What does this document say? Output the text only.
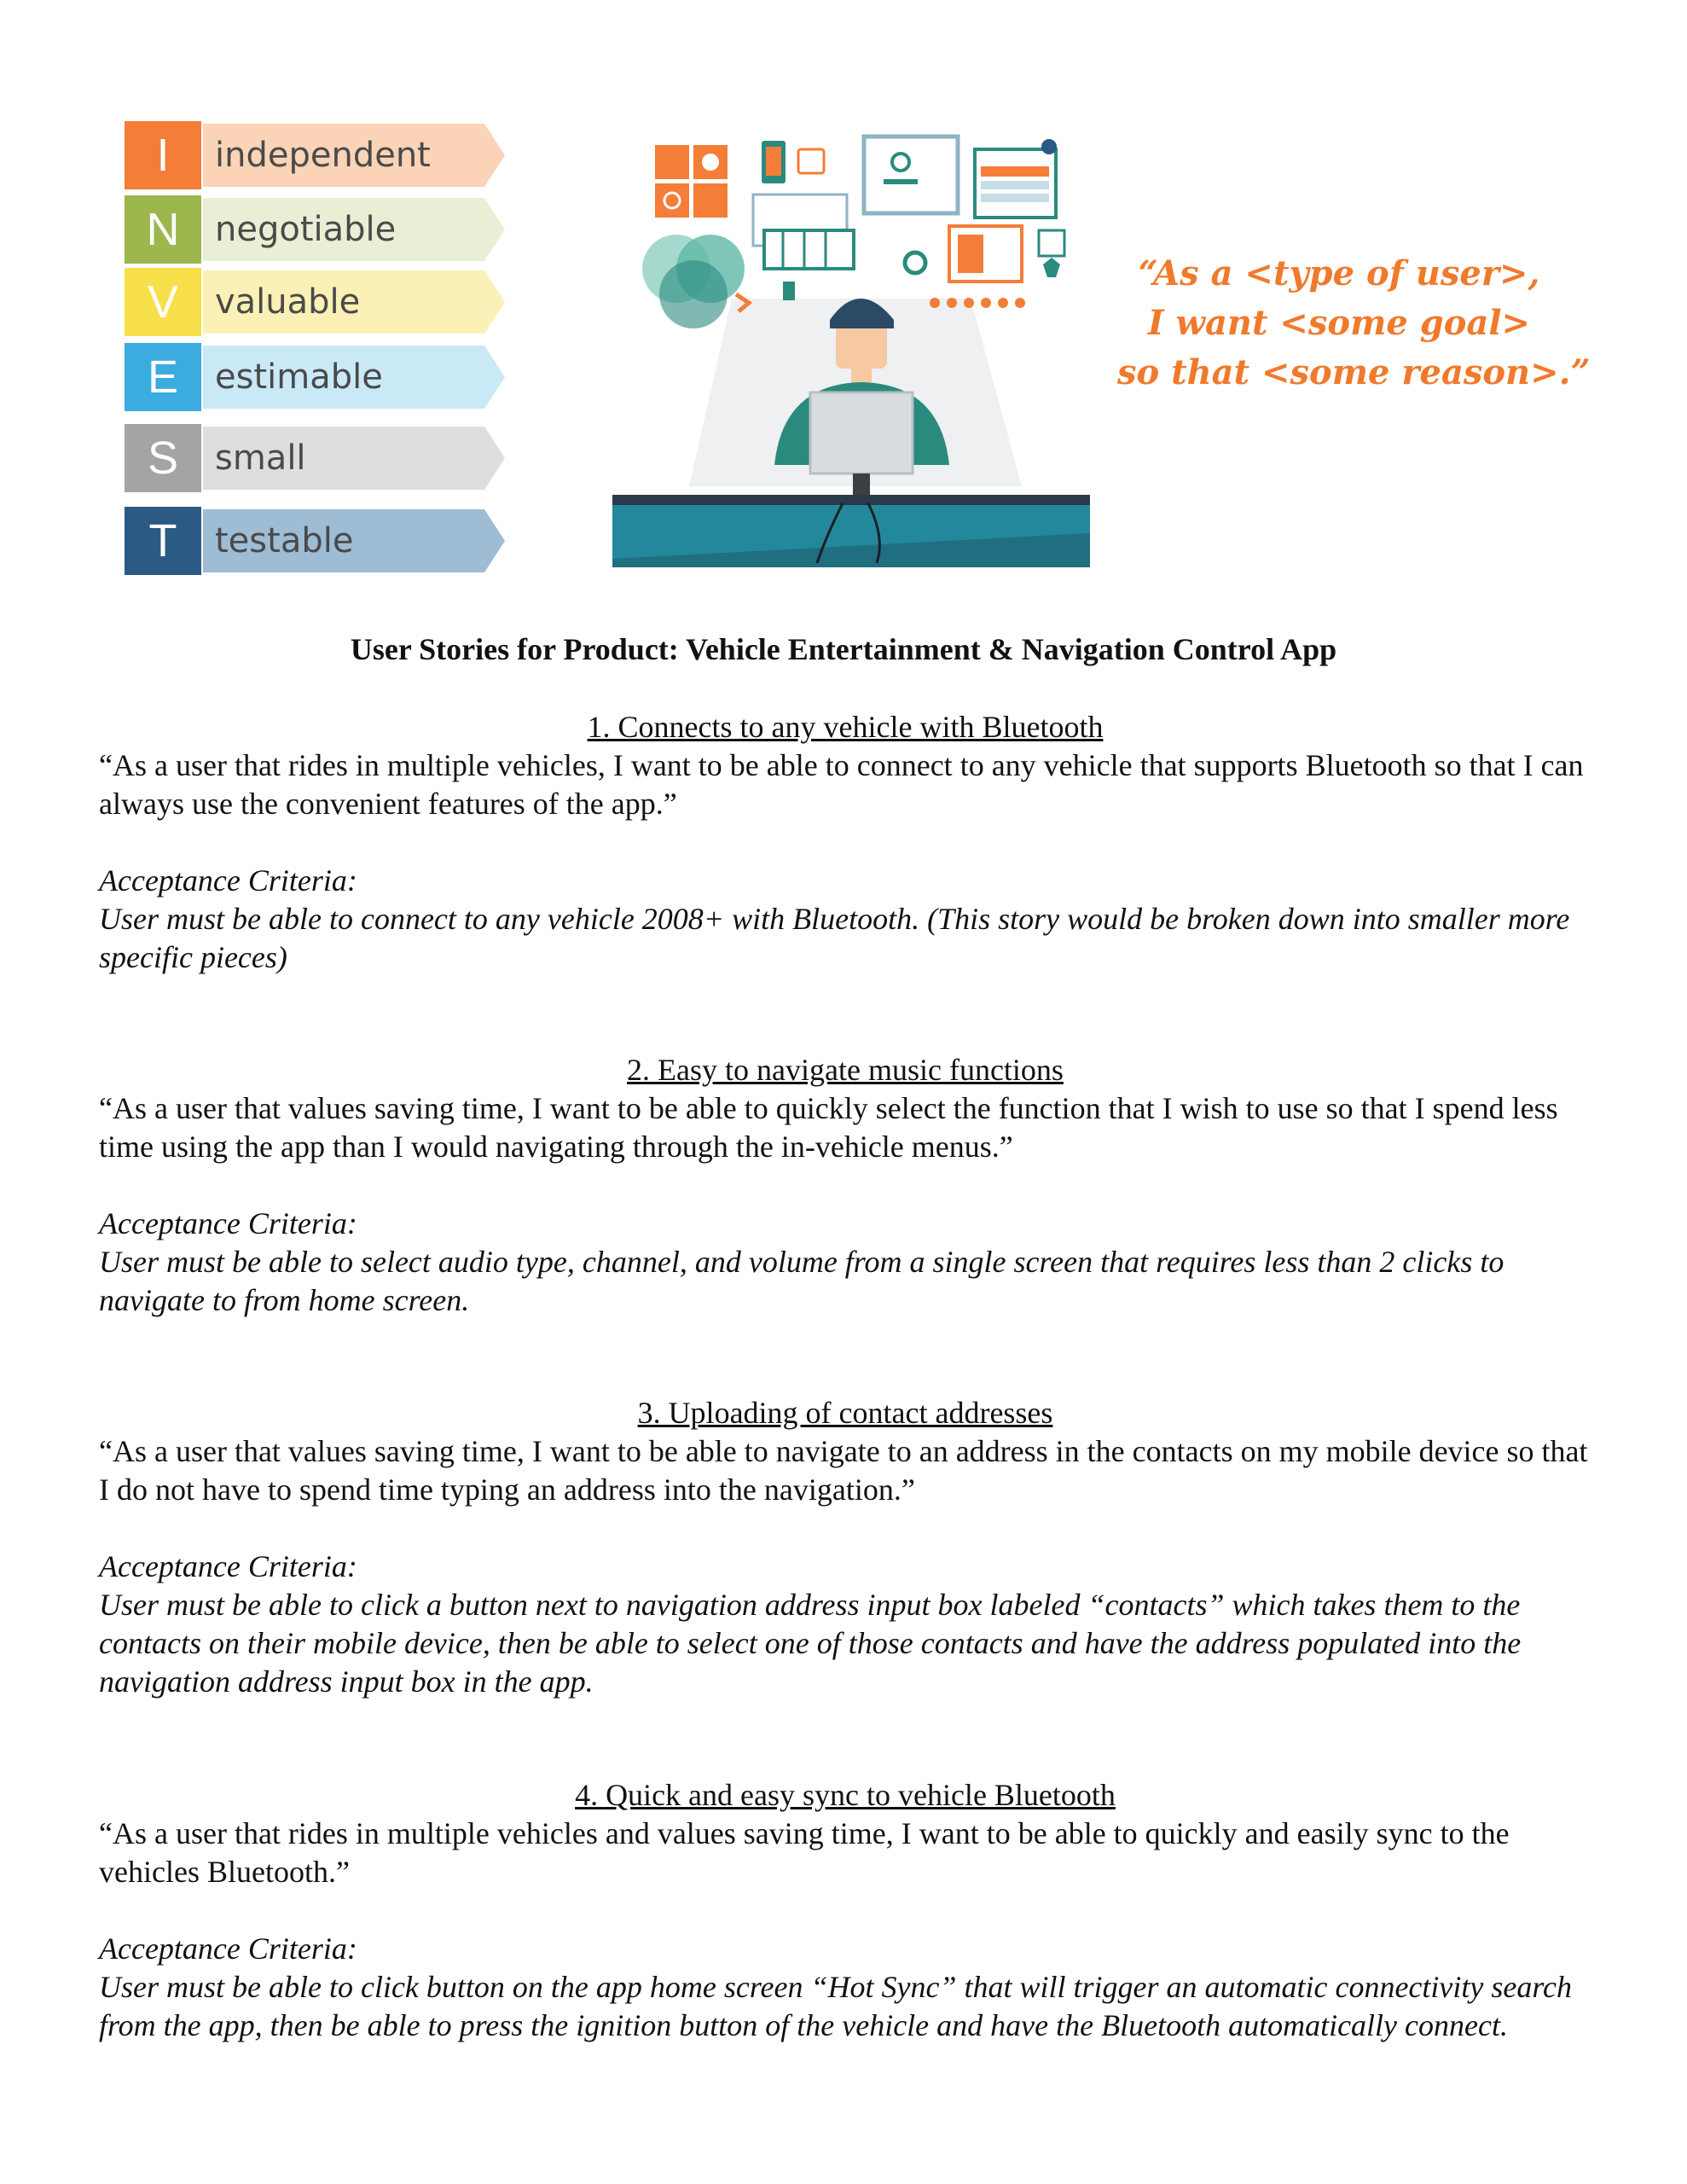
I	independent
N	negotiable
V	valuable
E	estimable
S	small
T	testable
“As a <type of user>,
I want <some goal>
so that <some reason>.”
User Stories for Product: Vehicle Entertainment & Navigation Control App
1. Connects to any vehicle with Bluetooth

“As a user that rides in multiple vehicles, I want to be able to connect to any vehicle that supports Bluetooth so that I can always use the convenient features of the app.”

Acceptance Criteria:
User must be able to connect to any vehicle 2008+ with Bluetooth. (This story would be broken down into smaller more specific pieces)
2. Easy to navigate music functions

“As a user that values saving time, I want to be able to quickly select the function that I wish to use so that I spend less time using the app than I would navigating through the in-vehicle menus.”

Acceptance Criteria:
User must be able to select audio type, channel, and volume from a single screen that requires less than 2 clicks to navigate to from home screen.
3. Uploading of contact addresses

“As a user that values saving time, I want to be able to navigate to an address in the contacts on my mobile device so that I do not have to spend time typing an address into the navigation.”

Acceptance Criteria:
User must be able to click a button next to navigation address input box labeled “contacts” which takes them to the contacts on their mobile device, then be able to select one of those contacts and have the address populated into the navigation address input box in the app.
4. Quick and easy sync to vehicle Bluetooth

“As a user that rides in multiple vehicles and values saving time, I want to be able to quickly and easily sync to the vehicles Bluetooth.”

Acceptance Criteria:
User must be able to click button on the app home screen “Hot Sync” that will trigger an automatic connectivity search from the app, then be able to press the ignition button of the vehicle and have the Bluetooth automatically connect.
